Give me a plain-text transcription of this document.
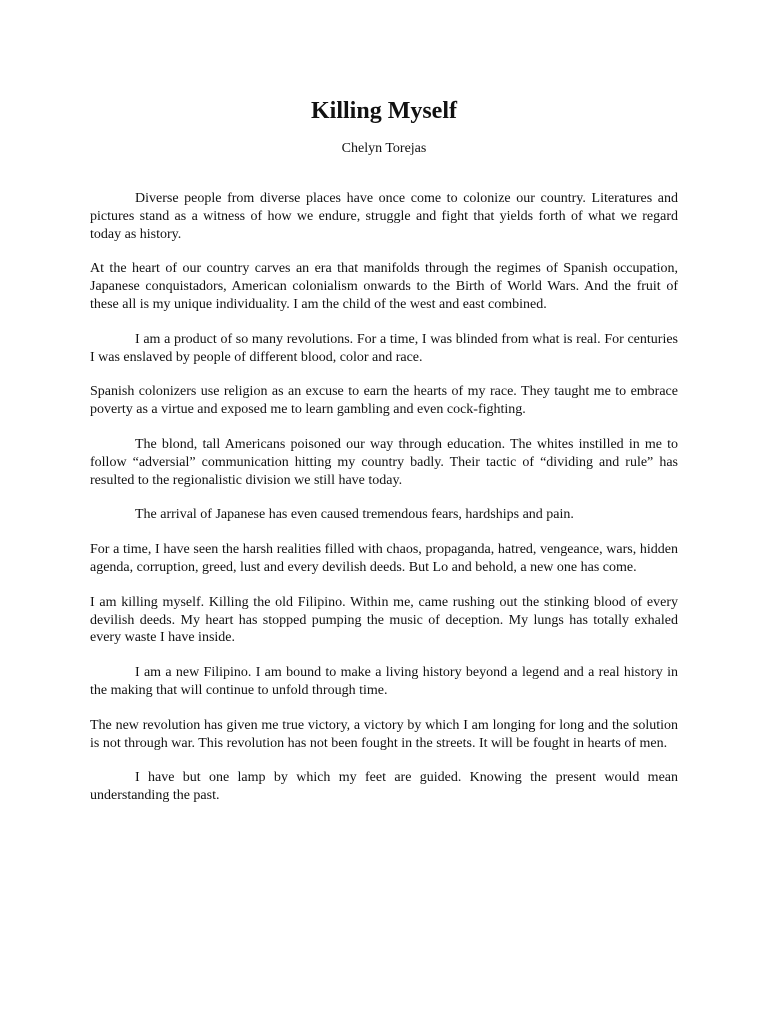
Killing Myself

Chelyn Torejas

Diverse people from diverse places have once come to colonize our country. Literatures and pictures stand as a witness of how we endure, struggle and fight that yields forth of what we regard today as history.

At the heart of our country carves an era that manifolds through the regimes of Spanish occupation, Japanese conquistadors, American colonialism onwards to the Birth of World Wars. And the fruit of these all is my unique individuality. I am the child of the west and east combined.

I am a product of so many revolutions. For a time, I was blinded from what is real. For centuries I was enslaved by people of different blood, color and race.

Spanish colonizers use religion as an excuse to earn the hearts of my race. They taught me to embrace poverty as a virtue and exposed me to learn gambling and even cock-fighting.

The blond, tall Americans poisoned our way through education. The whites instilled in me to follow “adversial” communication hitting my country badly. Their tactic of “dividing and rule” has resulted to the regionalistic division we still have today.

The arrival of Japanese has even caused tremendous fears, hardships and pain.

For a time, I have seen the harsh realities filled with chaos, propaganda, hatred, vengeance, wars, hidden agenda, corruption, greed, lust and every devilish deeds. But Lo and behold, a new one has come.

I am killing myself. Killing the old Filipino. Within me, came rushing out the stinking blood of every devilish deeds. My heart has stopped pumping the music of deception. My lungs has totally exhaled every waste I have inside.

I am a new Filipino. I am bound to make a living history beyond a legend and a real history in the making that will continue to unfold through time.

The new revolution has given me true victory, a victory by which I am longing for long and the solution is not through war. This revolution has not been fought in the streets. It will be fought in hearts of men.

I have but one lamp by which my feet are guided. Knowing the present would mean understanding the past.
